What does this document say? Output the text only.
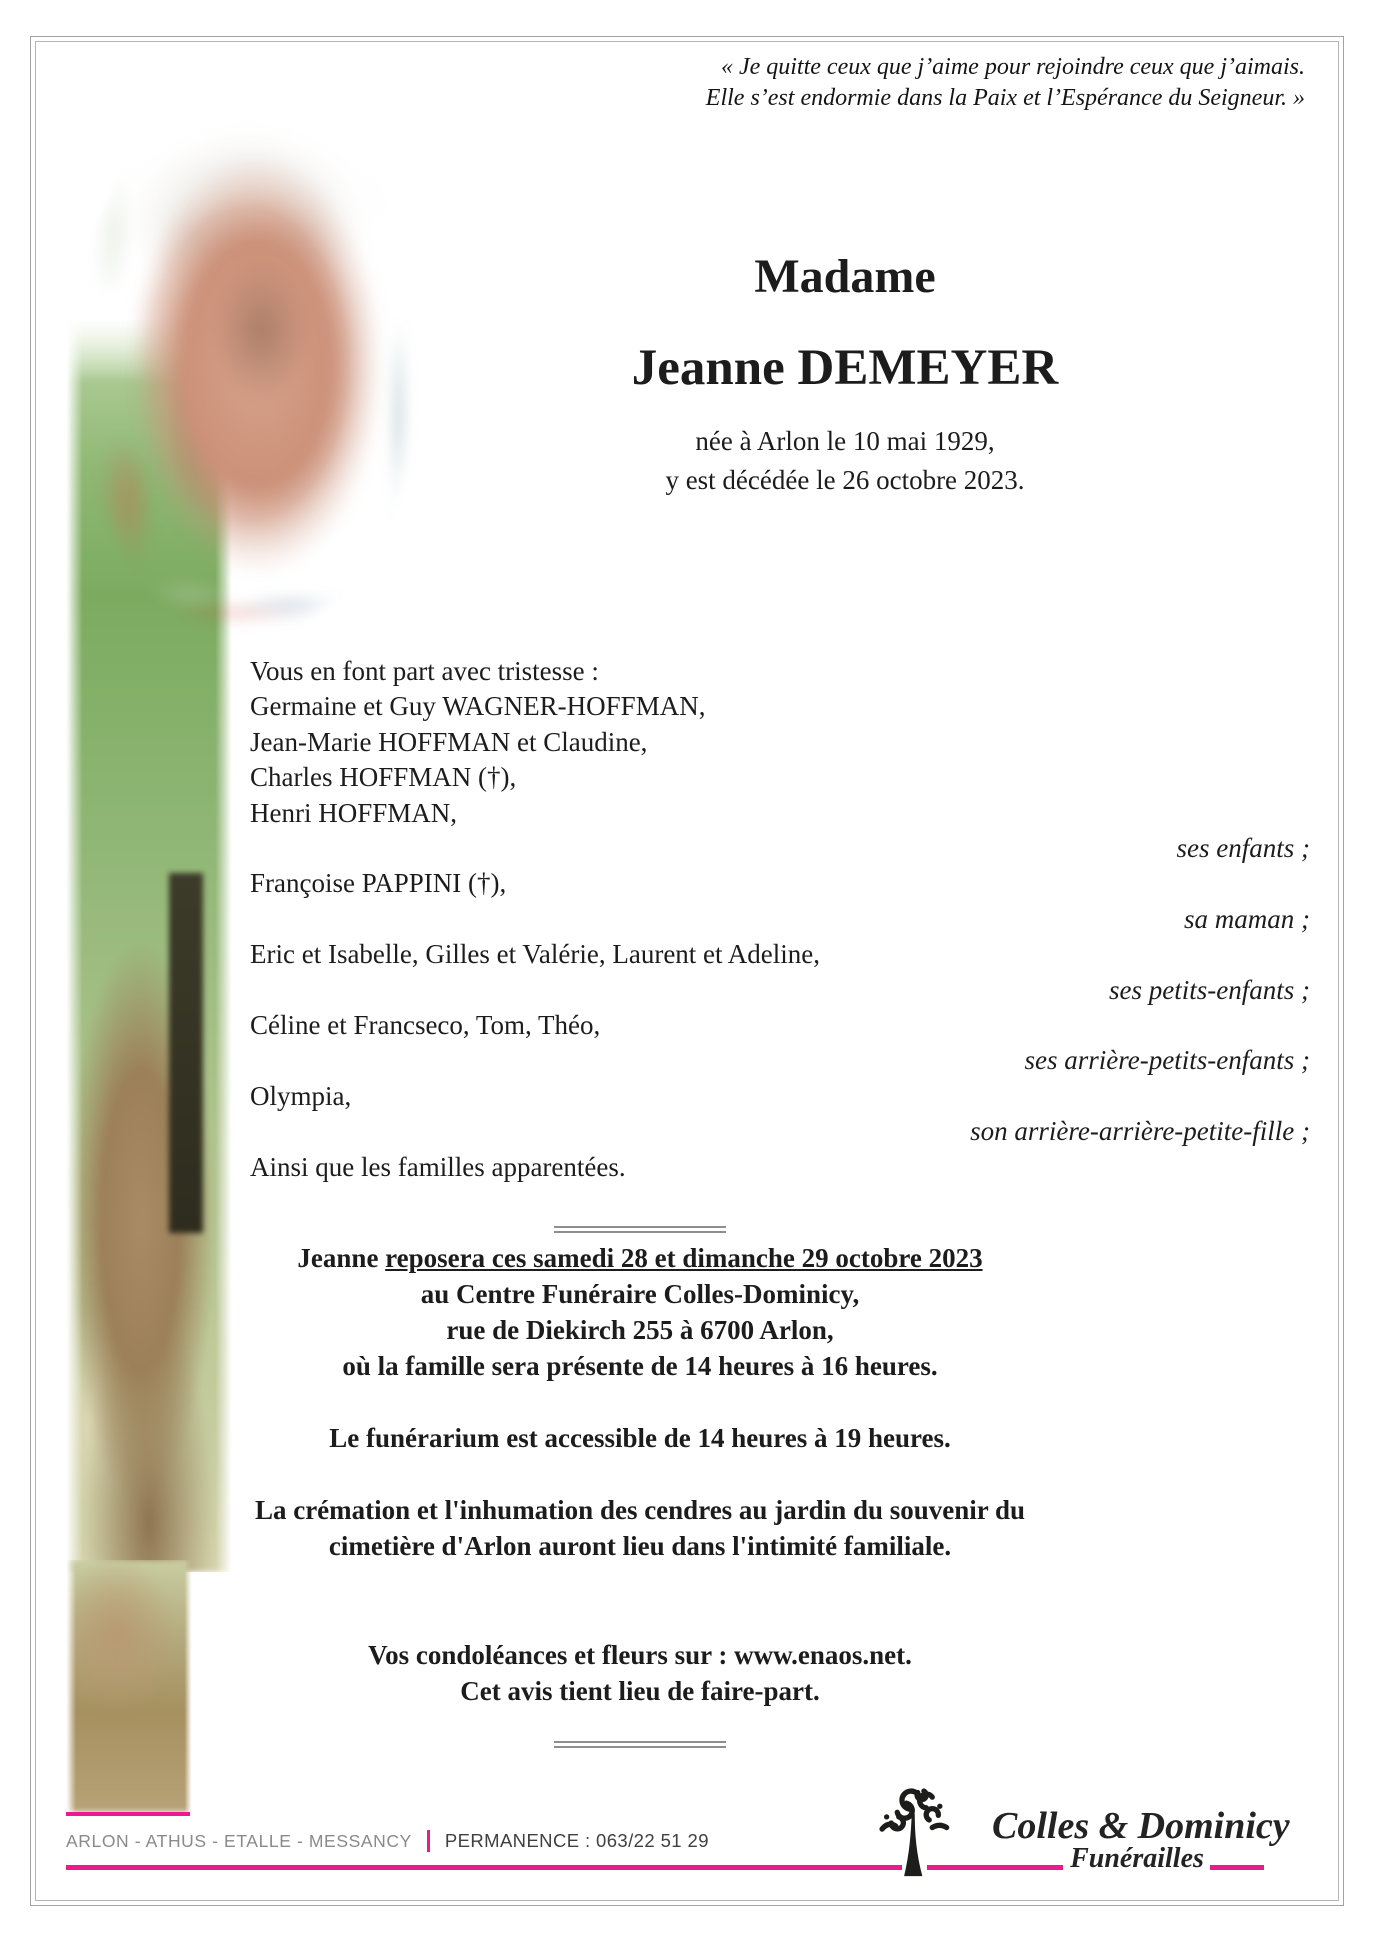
« Je quitte ceux que j’aime pour rejoindre ceux que j’aimais.
Elle s’est endormie dans la Paix et l’Espérance du Seigneur. »
Madame
Jeanne DEMEYER
née à Arlon le 10 mai 1929,
y est décédée le 26 octobre 2023.
Vous en font part avec tristesse :
Germaine et Guy WAGNER-HOFFMAN,
Jean-Marie HOFFMAN et Claudine,
Charles HOFFMAN (†),
Henri HOFFMAN,
ses enfants ;
Françoise PAPPINI (†),
sa maman ;
Eric et Isabelle, Gilles et Valérie, Laurent et Adeline,
ses petits-enfants ;
Céline et Francseco, Tom, Théo,
ses arrière-petits-enfants ;
Olympia,
son arrière-arrière-petite-fille ;
Ainsi que les familles apparentées.
Jeanne reposera ces samedi 28 et dimanche 29 octobre 2023
au Centre Funéraire Colles-Dominicy,
rue de Diekirch 255 à 6700 Arlon,
où la famille sera présente de 14 heures à 16 heures.
Le funérarium est accessible de 14 heures à 19 heures.
La crémation et l'inhumation des cendres au jardin du souvenir du cimetière d'Arlon auront lieu dans l'intimité familiale.
Vos condoléances et fleurs sur : www.enaos.net.
Cet avis tient lieu de faire-part.
ARLON - ATHUS - ETALLE - MESSANCY PERMANENCE : 063/22 51 29	Colles & Dominicy
Funérailles
